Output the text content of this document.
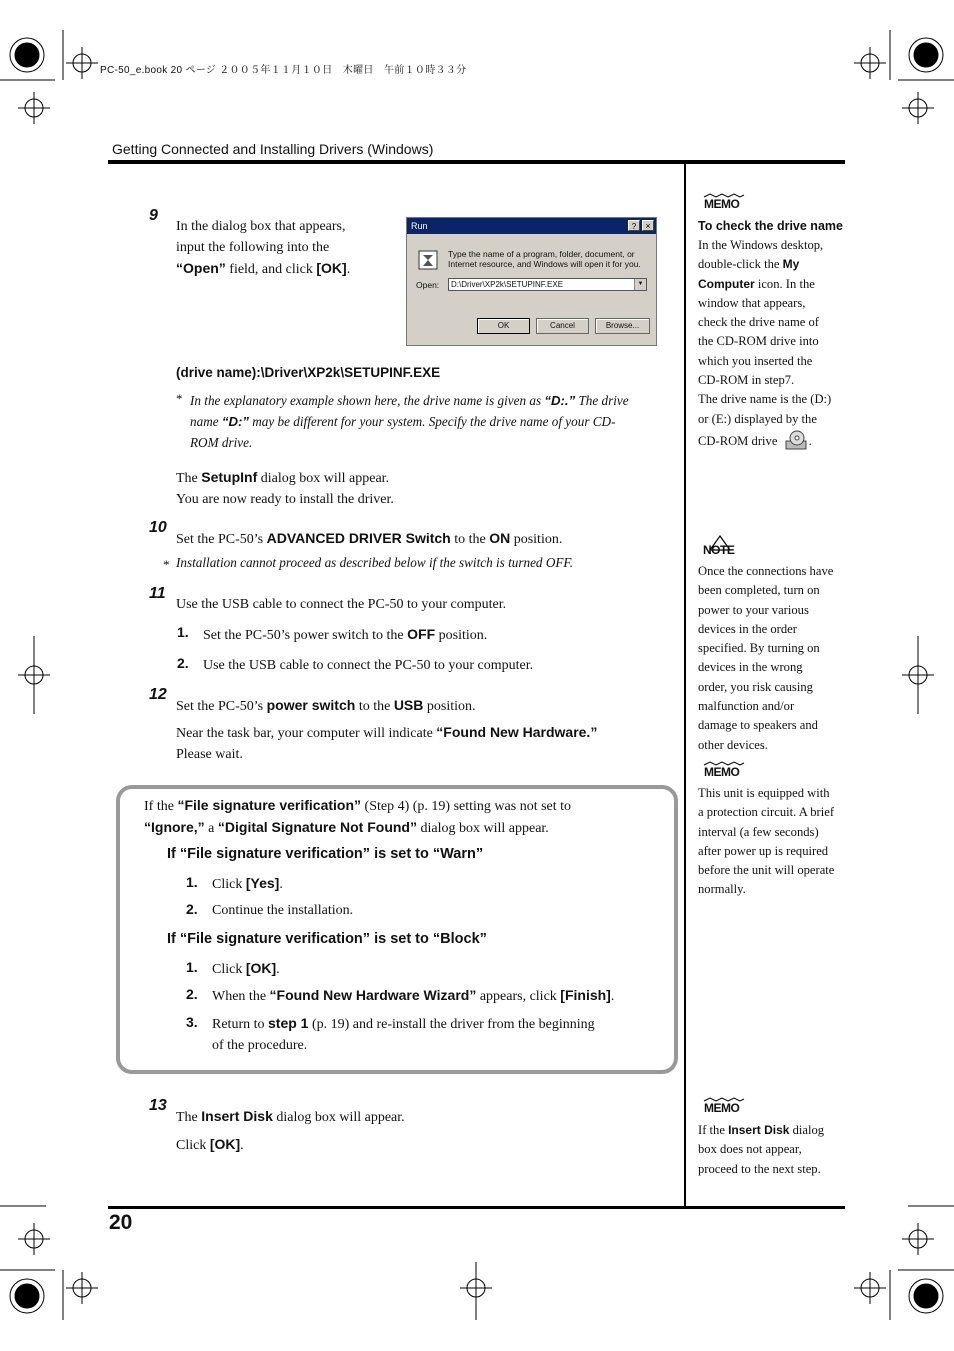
PC-50_e.book 20 ページ ２００５年１１月１０日　木曜日　午前１０時３３分
Getting Connected and Installing Drivers (Windows)
20
9
In the dialog box that appears,
input the following into the
“Open” field, and click [OK].
Run	?	×
Type the name of a program, folder, document, or
Internet resource, and Windows will open it for you.
Open:	D:\Driver\XP2k\SETUPINF.EXE	▼
OK	Cancel	Browse...
(drive name):\Driver\XP2k\SETUPINF.EXE
* In the explanatory example shown here, the drive name is given as “D:.” The drive
name “D:” may be different for your system. Specify the drive name of your CD-
ROM drive.
The SetupInf dialog box will appear.
You are now ready to install the driver.
10
Set the PC-50’s ADVANCED DRIVER Switch to the ON position.
* Installation cannot proceed as described below if the switch is turned OFF.
11
Use the USB cable to connect the PC-50 to your computer.
1. Set the PC-50’s power switch to the OFF position.
2. Use the USB cable to connect the PC-50 to your computer.
12
Set the PC-50’s power switch to the USB position.
Near the task bar, your computer will indicate “Found New Hardware.”
Please wait.
If the “File signature verification” (Step 4) (p. 19) setting was not set to
“Ignore,” a “Digital Signature Not Found” dialog box will appear.
If “File signature verification” is set to “Warn”
1. Click [Yes].
2. Continue the installation.
If “File signature verification” is set to “Block”
1. Click [OK].
2. When the “Found New Hardware Wizard” appears, click [Finish].
3. Return to step 1 (p. 19) and re-install the driver from the beginning
of the procedure.
13
The Insert Disk dialog box will appear.
Click [OK].
MEMO
To check the drive name
In the Windows desktop,
double-click the My
Computer icon. In the
window that appears,
check the drive name of
the CD-ROM drive into
which you inserted the
CD-ROM in step7.
The drive name is the (D:)
or (E:) displayed by the
CD-ROM drive .
NOTE
Once the connections have
been completed, turn on
power to your various
devices in the order
specified. By turning on
devices in the wrong
order, you risk causing
malfunction and/or
damage to speakers and
other devices.
MEMO
This unit is equipped with
a protection circuit. A brief
interval (a few seconds)
after power up is required
before the unit will operate
normally.
MEMO
If the Insert Disk dialog
box does not appear,
proceed to the next step.
